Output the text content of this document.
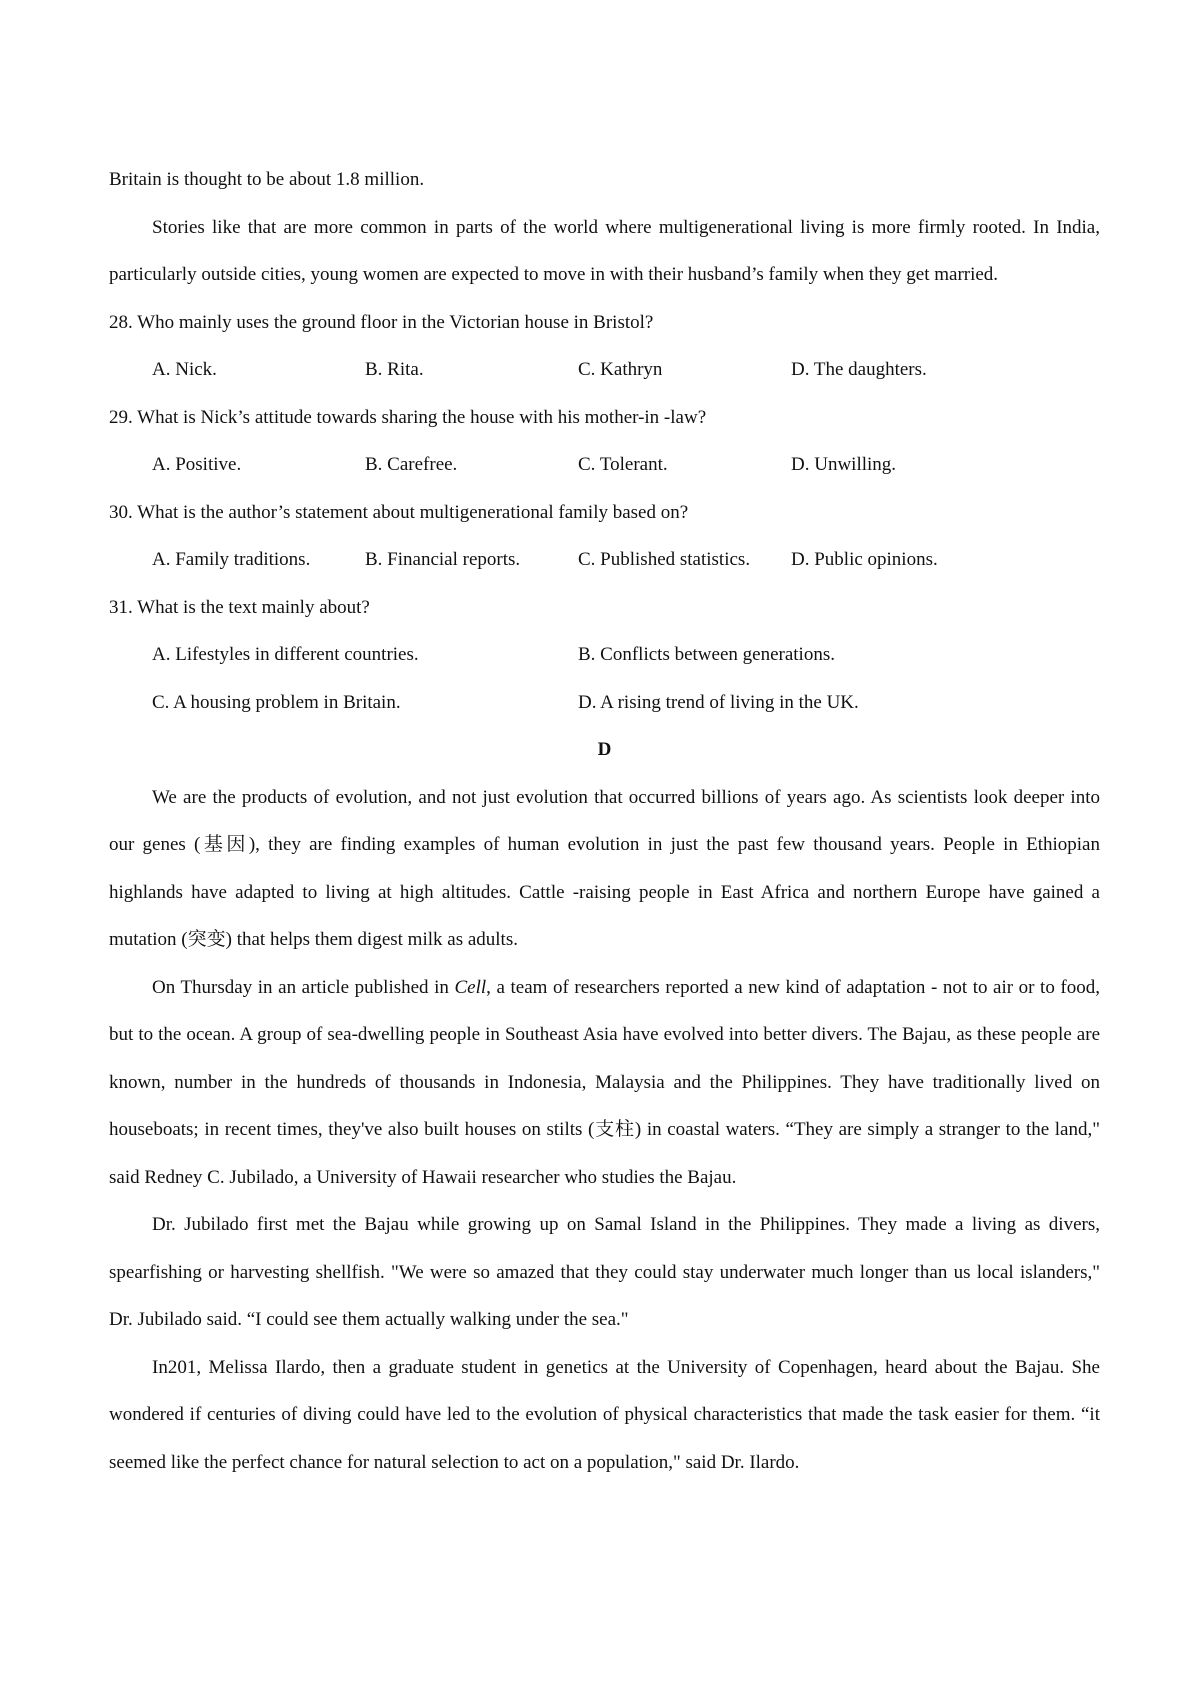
Britain is thought to be about 1.8 million.

Stories like that are more common in parts of the world where multigenerational living is more firmly rooted. In India, particularly outside cities, young women are expected to move in with their husband’s family when they get married.

28. Who mainly uses the ground floor in the Victorian house in Bristol?

A. Nick.	B. Rita.	C. Kathryn	D. The daughters.

29. What is Nick’s attitude towards sharing the house with his mother-in -law?

A. Positive.	B. Carefree.	C. Tolerant.	D. Unwilling.

30. What is the author’s statement about multigenerational family based on?

A. Family traditions.	B. Financial reports.	C. Published statistics.	D. Public opinions.

31. What is the text mainly about?

A. Lifestyles in different countries.	B. Conflicts between generations.
C. A housing problem in Britain.	D. A rising trend of living in the UK.

D

We are the products of evolution, and not just evolution that occurred billions of years ago. As scientists look deeper into our genes (基因), they are finding examples of human evolution in just the past few thousand years. People in Ethiopian highlands have adapted to living at high altitudes. Cattle -raising people in East Africa and northern Europe have gained a mutation (突变) that helps them digest milk as adults.

On Thursday in an article published in Cell, a team of researchers reported a new kind of adaptation - not to air or to food, but to the ocean. A group of sea-dwelling people in Southeast Asia have evolved into better divers. The Bajau, as these people are known, number in the hundreds of thousands in Indonesia, Malaysia and the Philippines. They have traditionally lived on houseboats; in recent times, they've also built houses on stilts (支柱) in coastal waters. “They are simply a stranger to the land," said Redney C. Jubilado, a University of Hawaii researcher who studies the Bajau.

Dr. Jubilado first met the Bajau while growing up on Samal Island in the Philippines. They made a living as divers, spearfishing or harvesting shellfish. "We were so amazed that they could stay underwater much longer than us local islanders," Dr. Jubilado said. “I could see them actually walking under the sea."

In201, Melissa Ilardo, then a graduate student in genetics at the University of Copenhagen, heard about the Bajau. She wondered if centuries of diving could have led to the evolution of physical characteristics that made the task easier for them. “it seemed like the perfect chance for natural selection to act on a population," said Dr. Ilardo.
